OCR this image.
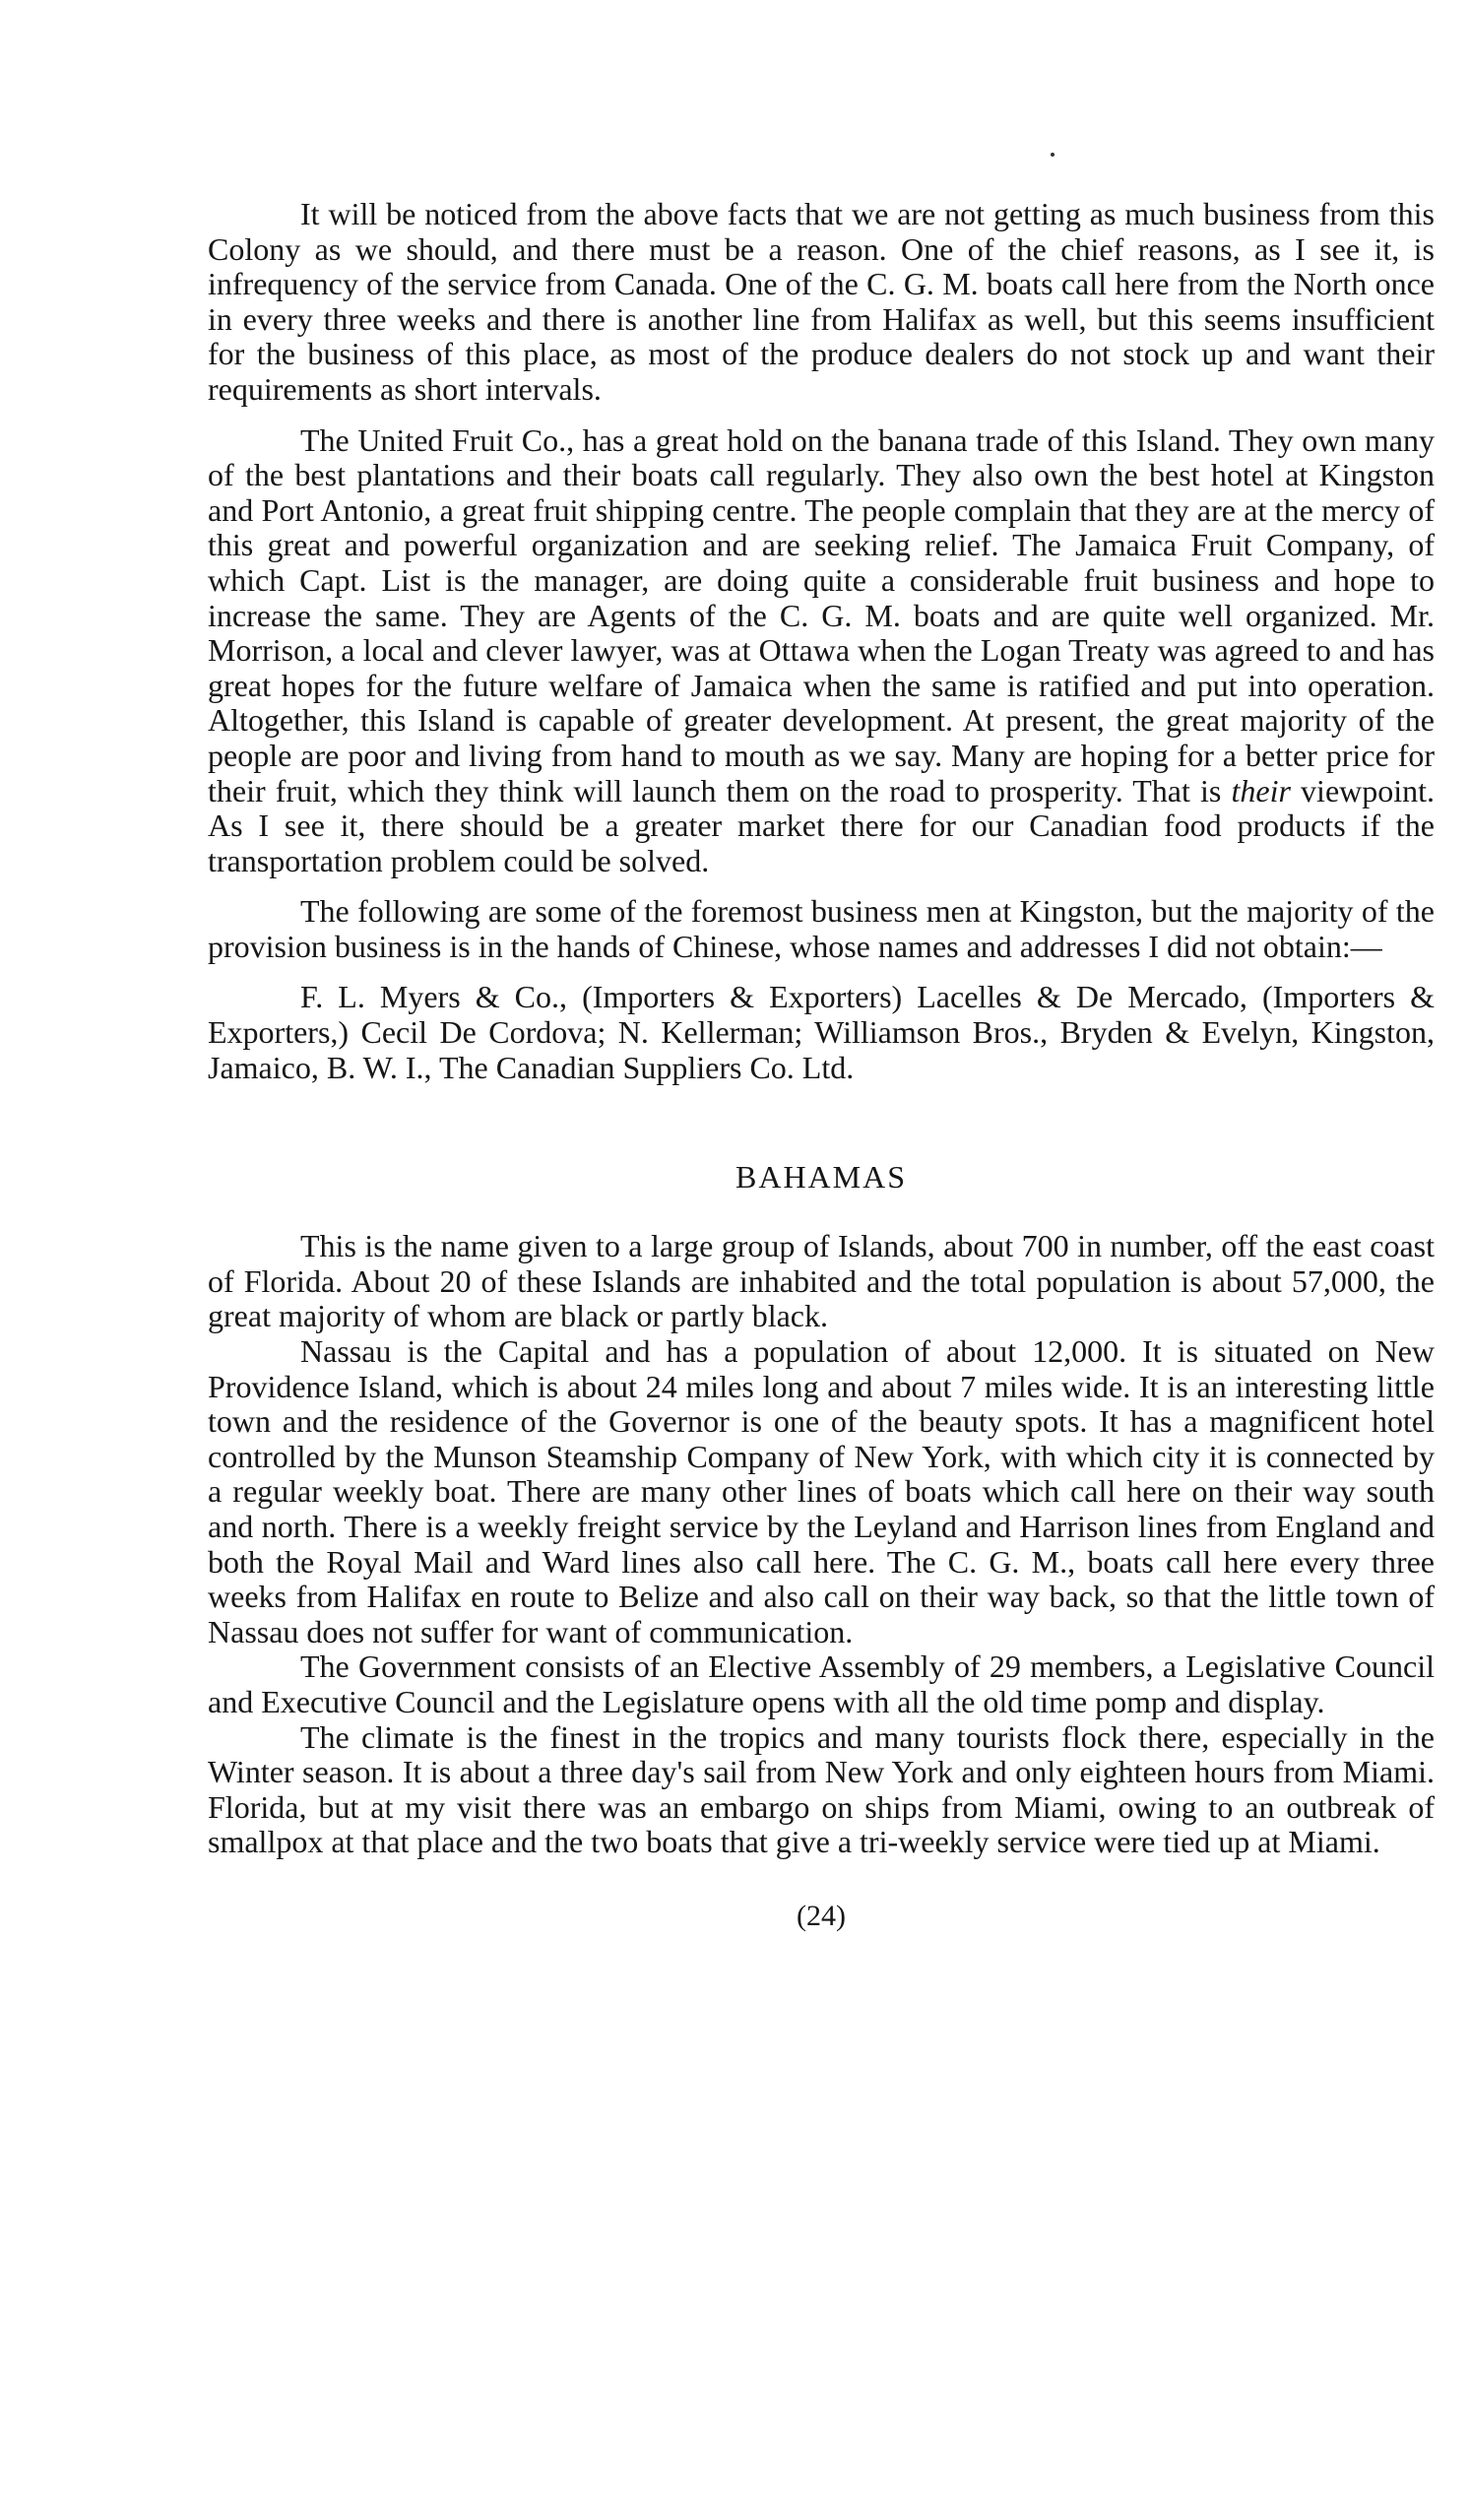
It will be noticed from the above facts that we are not getting as much business from this Colony as we should, and there must be a reason. One of the chief reasons, as I see it, is infrequency of the service from Canada. One of the C. G. M. boats call here from the North once in every three weeks and there is another line from Halifax as well, but this seems insufficient for the business of this place, as most of the produce dealers do not stock up and want their requirements as short intervals.

The United Fruit Co., has a great hold on the banana trade of this Island. They own many of the best plantations and their boats call regularly. They also own the best hotel at Kingston and Port Antonio, a great fruit shipping centre. The people complain that they are at the mercy of this great and powerful organization and are seeking relief. The Jamaica Fruit Company, of which Capt. List is the manager, are doing quite a considerable fruit business and hope to increase the same. They are Agents of the C. G. M. boats and are quite well organized. Mr. Morrison, a local and clever lawyer, was at Ottawa when the Logan Treaty was agreed to and has great hopes for the future welfare of Jamaica when the same is ratified and put into operation. Altogether, this Island is capable of greater development. At present, the great majority of the people are poor and living from hand to mouth as we say. Many are hoping for a better price for their fruit, which they think will launch them on the road to prosperity. That is their viewpoint. As I see it, there should be a greater market there for our Canadian food products if the transportation problem could be solved.

The following are some of the foremost business men at Kingston, but the majority of the provision business is in the hands of Chinese, whose names and addresses I did not obtain:—

F. L. Myers & Co., (Importers & Exporters) Lacelles & De Mercado, (Importers & Exporters,) Cecil De Cordova; N. Kellerman; Williamson Bros., Bryden & Evelyn, Kingston, Jamaico, B. W. I., The Canadian Suppliers Co. Ltd.

BAHAMAS

This is the name given to a large group of Islands, about 700 in number, off the east coast of Florida. About 20 of these Islands are inhabited and the total population is about 57,000, the great majority of whom are black or partly black.

Nassau is the Capital and has a population of about 12,000. It is situated on New Providence Island, which is about 24 miles long and about 7 miles wide. It is an interesting little town and the residence of the Governor is one of the beauty spots. It has a magnificent hotel controlled by the Munson Steamship Company of New York, with which city it is connected by a regular weekly boat. There are many other lines of boats which call here on their way south and north. There is a weekly freight service by the Leyland and Harrison lines from England and both the Royal Mail and Ward lines also call here. The C. G. M., boats call here every three weeks from Halifax en route to Belize and also call on their way back, so that the little town of Nassau does not suffer for want of communication.

The Government consists of an Elective Assembly of 29 members, a Legislative Council and Executive Council and the Legislature opens with all the old time pomp and display.

The climate is the finest in the tropics and many tourists flock there, especially in the Winter season. It is about a three day's sail from New York and only eighteen hours from Miami. Florida, but at my visit there was an embargo on ships from Miami, owing to an outbreak of smallpox at that place and the two boats that give a tri-weekly service were tied up at Miami.

(24)
